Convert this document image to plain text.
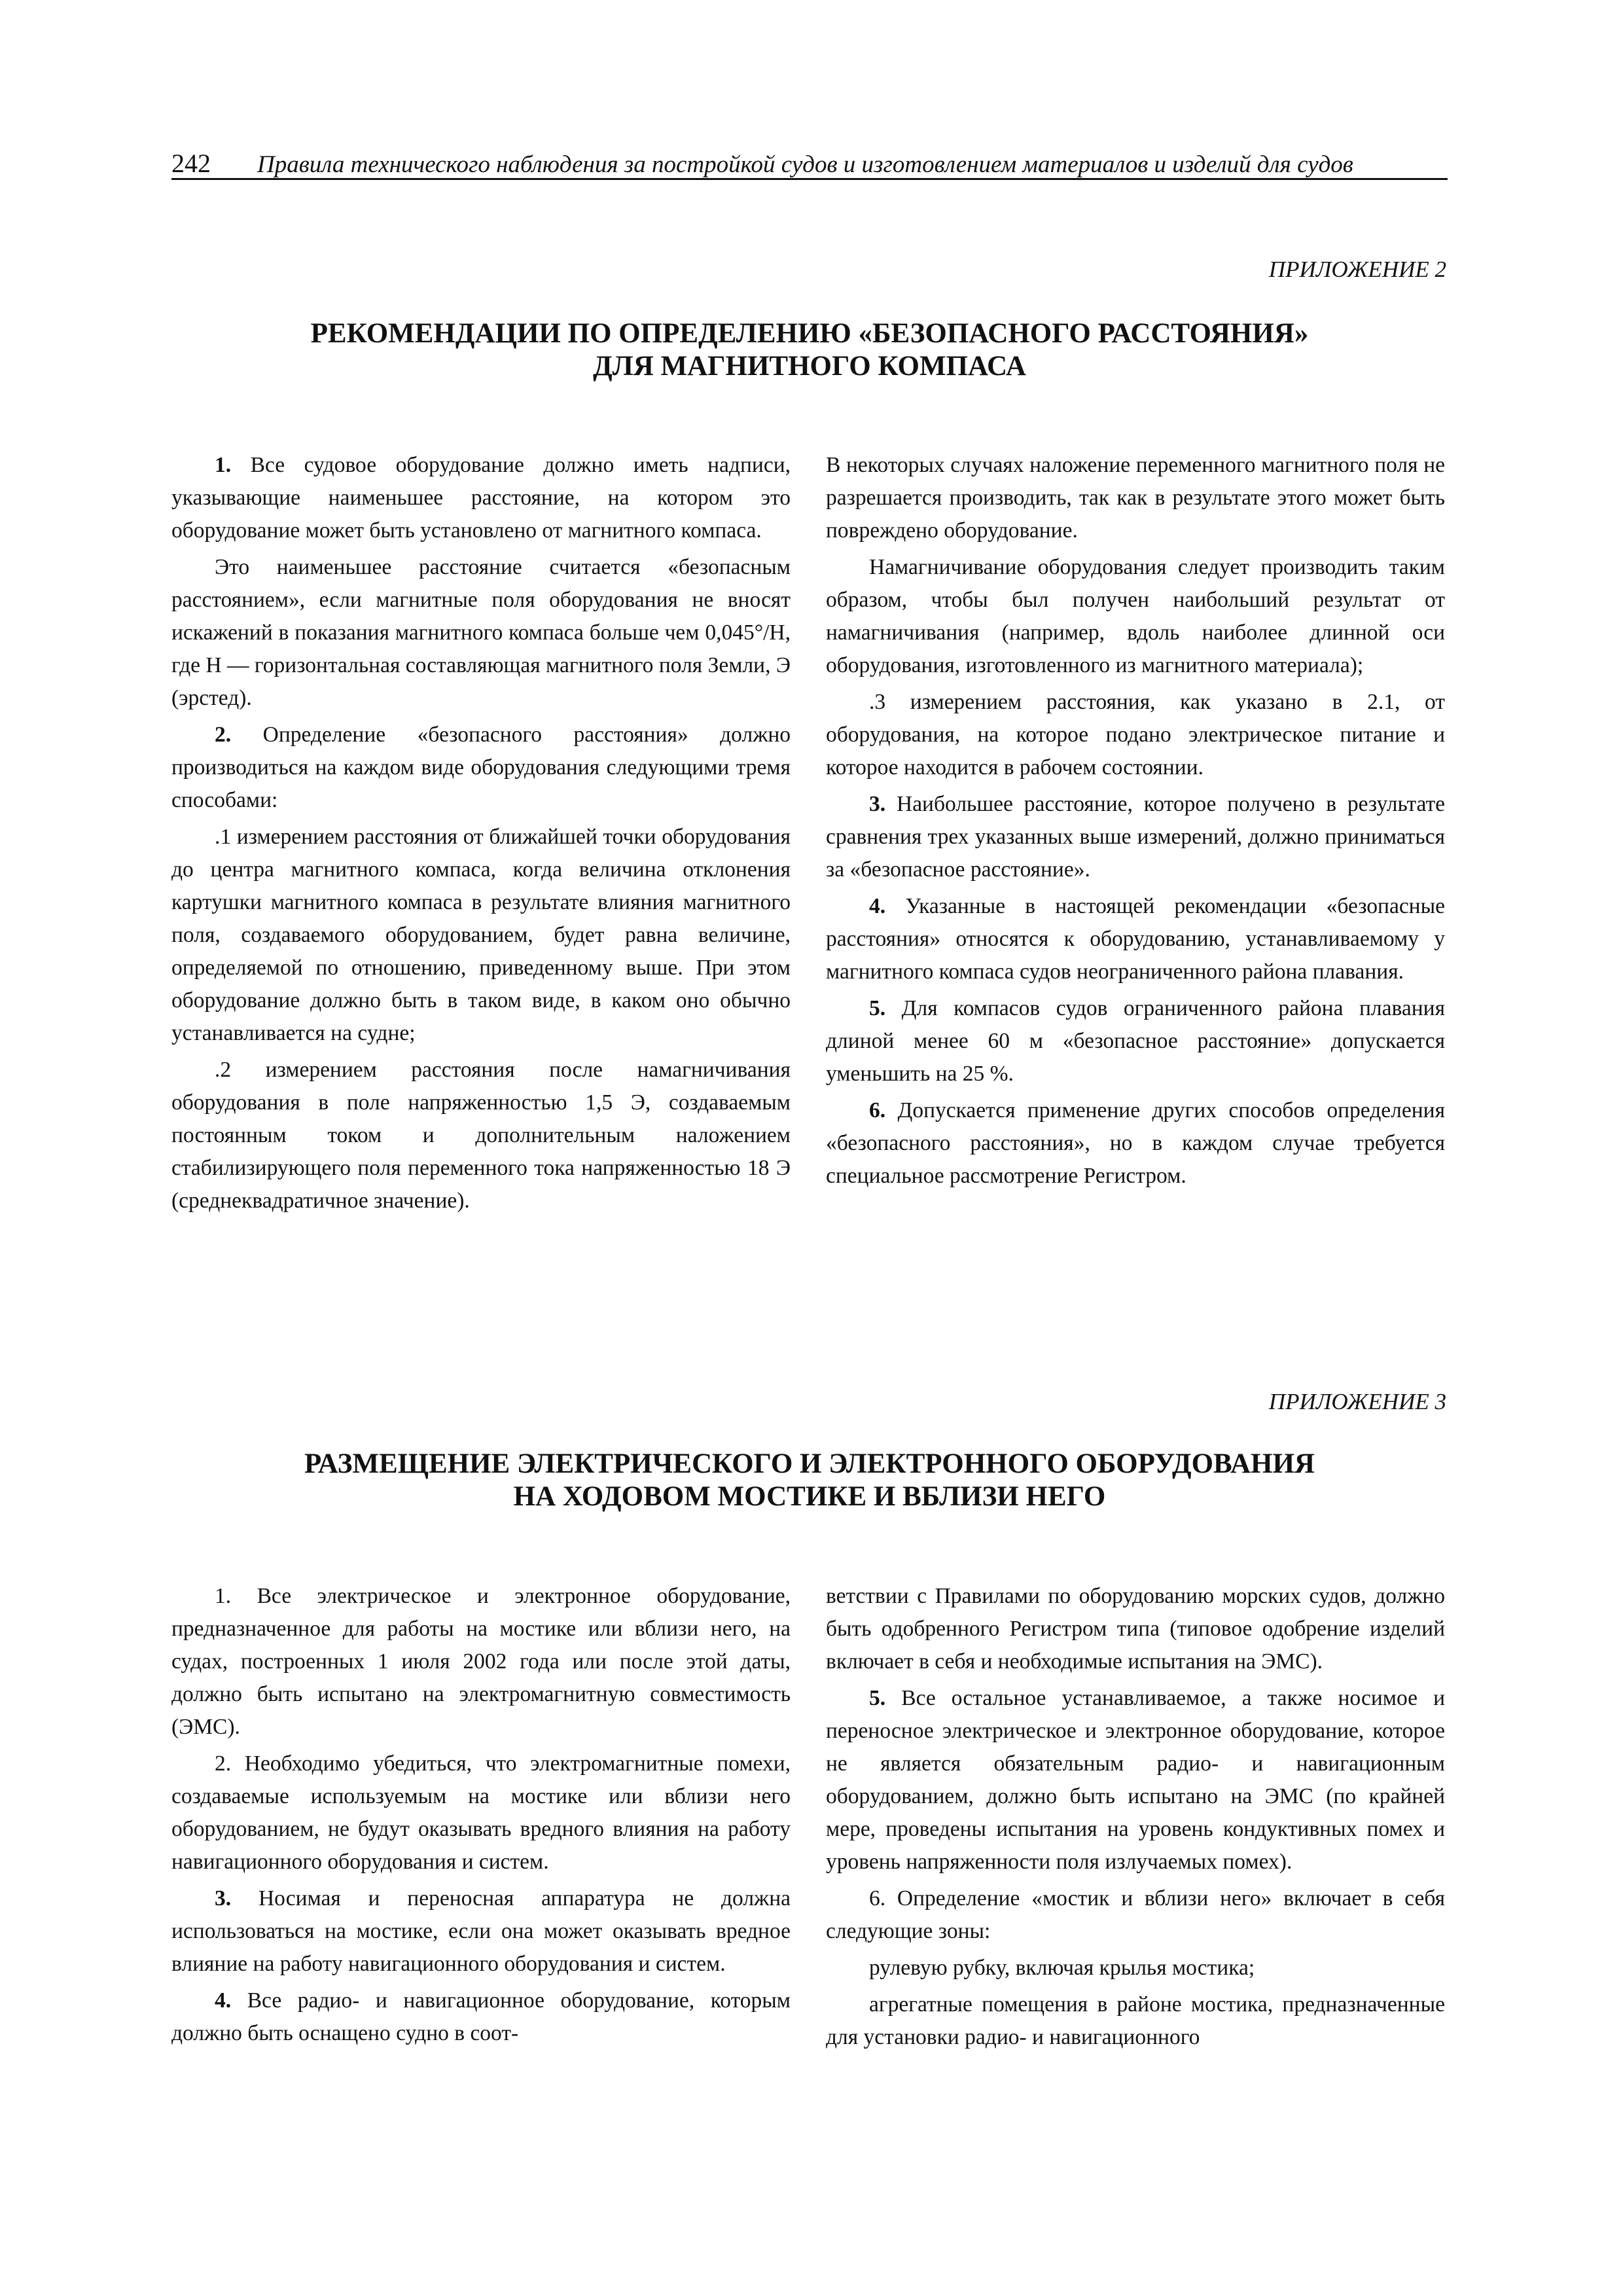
242 Правила технического наблюдения за постройкой судов и изготовлением материалов и изделий для судов
ПРИЛОЖЕНИЕ 2
РЕКОМЕНДАЦИИ ПО ОПРЕДЕЛЕНИЮ «БЕЗОПАСНОГО РАССТОЯНИЯ»
ДЛЯ МАГНИТНОГО КОМПАСА

1. Все судовое оборудование должно иметь надписи, указывающие наименьшее расстояние, на котором это оборудование может быть установлено от магнитного компаса.

Это наименьшее расстояние считается «безопасным расстоянием», если магнитные поля оборудования не вносят искажений в показания магнитного компаса больше чем 0,045°/H, где H — горизонтальная составляющая магнитного поля Земли, Э (эрстед).

2. Определение «безопасного расстояния» должно производиться на каждом виде оборудования следующими тремя способами:

.1 измерением расстояния от ближайшей точки оборудования до центра магнитного компаса, когда величина отклонения картушки магнитного компаса в результате влияния магнитного поля, создаваемого оборудованием, будет равна величине, определяемой по отношению, приведенному выше. При этом оборудование должно быть в таком виде, в каком оно обычно устанавливается на судне;

.2 измерением расстояния после намагничивания оборудования в поле напряженностью 1,5 Э, создаваемым постоянным током и дополнительным наложением стабилизирующего поля переменного тока напряженностью 18 Э (среднеквадратичное значение).

В некоторых случаях наложение переменного магнитного поля не разрешается производить, так как в результате этого может быть повреждено оборудование.

Намагничивание оборудования следует производить таким образом, чтобы был получен наибольший результат от намагничивания (например, вдоль наиболее длинной оси оборудования, изготовленного из магнитного материала);

.3 измерением расстояния, как указано в 2.1, от оборудования, на которое подано электрическое питание и которое находится в рабочем состоянии.

3. Наибольшее расстояние, которое получено в результате сравнения трех указанных выше измерений, должно приниматься за «безопасное расстояние».

4. Указанные в настоящей рекомендации «безопасные расстояния» относятся к оборудованию, устанавливаемому у магнитного компаса судов неограниченного района плавания.

5. Для компасов судов ограниченного района плавания длиной менее 60 м «безопасное расстояние» допускается уменьшить на 25 %.

6. Допускается применение других способов определения «безопасного расстояния», но в каждом случае требуется специальное рассмотрение Регистром.

ПРИЛОЖЕНИЕ 3
РАЗМЕЩЕНИЕ ЭЛЕКТРИЧЕСКОГО И ЭЛЕКТРОННОГО ОБОРУДОВАНИЯ
НА ХОДОВОМ МОСТИКЕ И ВБЛИЗИ НЕГО

1. Все электрическое и электронное оборудование, предназначенное для работы на мостике или вблизи него, на судах, построенных 1 июля 2002 года или после этой даты, должно быть испытано на электромагнитную совместимость (ЭМС).

2. Необходимо убедиться, что электромагнитные помехи, создаваемые используемым на мостике или вблизи него оборудованием, не будут оказывать вредного влияния на работу навигационного оборудования и систем.

3. Носимая и переносная аппаратура не должна использоваться на мостике, если она может оказывать вредное влияние на работу навигационного оборудования и систем.

4. Все радио- и навигационное оборудование, которым должно быть оснащено судно в соот-

ветствии с Правилами по оборудованию морских судов, должно быть одобренного Регистром типа (типовое одобрение изделий включает в себя и необходимые испытания на ЭМС).

5. Все остальное устанавливаемое, а также носимое и переносное электрическое и электронное оборудование, которое не является обязательным радио- и навигационным оборудованием, должно быть испытано на ЭМС (по крайней мере, проведены испытания на уровень кондуктивных помех и уровень напряженности поля излучаемых помех).

6. Определение «мостик и вблизи него» включает в себя следующие зоны:

рулевую рубку, включая крылья мостика;

агрегатные помещения в районе мостика, предназначенные для установки радио- и навигационного
